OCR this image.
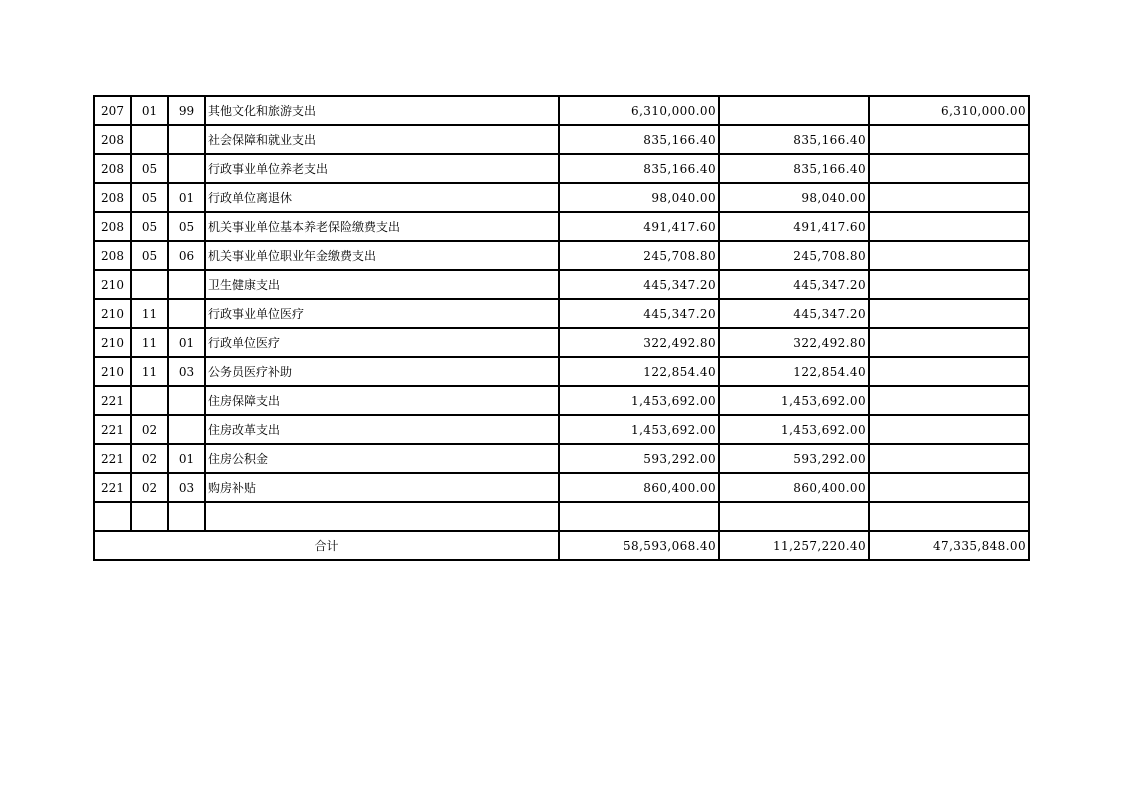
207	01	99	其他文化和旅游支出	6,310,000.00		6,310,000.00
208			社会保障和就业支出	835,166.40	835,166.40	
208	05		行政事业单位养老支出	835,166.40	835,166.40	
208	05	01	行政单位离退休	98,040.00	98,040.00	
208	05	05	机关事业单位基本养老保险缴费支出	491,417.60	491,417.60	
208	05	06	机关事业单位职业年金缴费支出	245,708.80	245,708.80	
210			卫生健康支出	445,347.20	445,347.20	
210	11		行政事业单位医疗	445,347.20	445,347.20	
210	11	01	行政单位医疗	322,492.80	322,492.80	
210	11	03	公务员医疗补助	122,854.40	122,854.40	
221			住房保障支出	1,453,692.00	1,453,692.00	
221	02		住房改革支出	1,453,692.00	1,453,692.00	
221	02	01	住房公积金	593,292.00	593,292.00	
221	02	03	购房补贴	860,400.00	860,400.00	

合计				58,593,068.40	11,257,220.40	47,335,848.00
